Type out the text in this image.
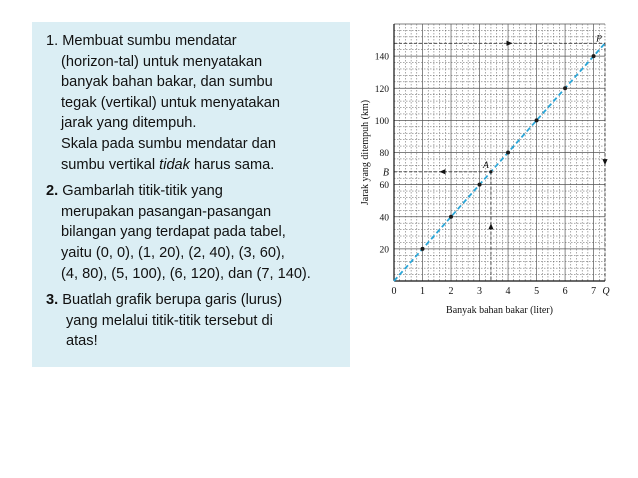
1. Membuat sumbu mendatar
(horizon-tal) untuk menyatakan
banyak bahan bakar, dan sumbu
tegak (vertikal) untuk menyatakan
jarak yang ditempuh.
Skala pada sumbu mendatar dan
sumbu vertikal tidak harus sama.
2. Gambarlah titik-titik yang
merupakan pasangan-pasangan
bilangan yang terdapat pada tabel,
yaitu (0, 0), (1, 20), (2, 40), (3, 60),
(4, 80), (5, 100), (6, 120), dan (7, 140).
3. Buatlah grafik berupa garis (lurus)
yang melalui titik-titik tersebut di
atas!
0 1 2 3 4 5 6 7 Q
20
40
60
80
100
120
140
B
A
P
Banyak bahan bakar (liter)
Jarak yang ditempuh (km)
